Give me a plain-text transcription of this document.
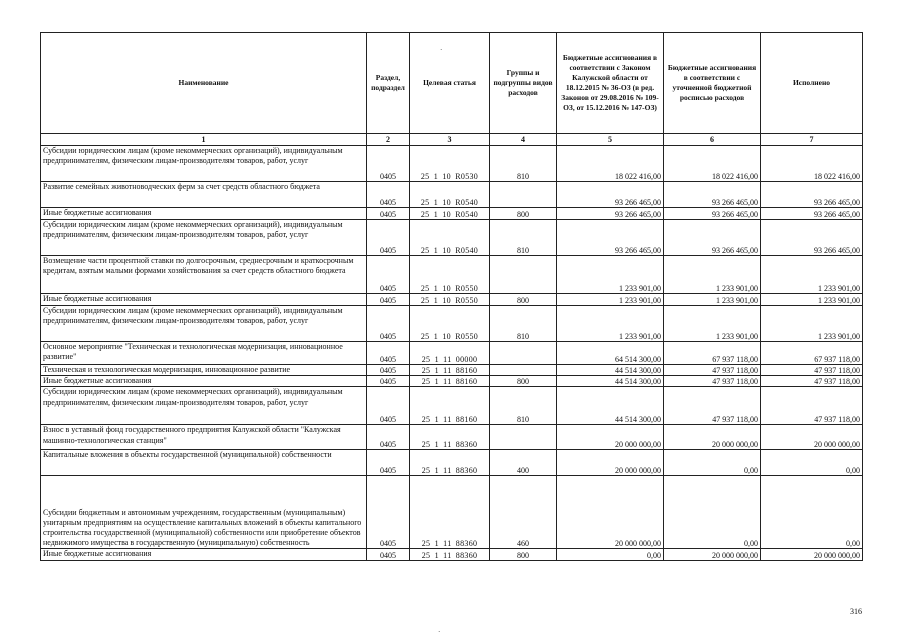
Наименование	Раздел, подраздел	Целевая статья	Группы и подгруппы видов расходов	Бюджетные ассигнования в соответствии с Законом Калужской области от 18.12.2015 № 36-ОЗ (в ред. Законов от 29.08.2016 № 109-ОЗ, от 15.12.2016 № 147-ОЗ)	Бюджетные ассигнования в соответствии с уточненной бюджетной росписью расходов	Исполнено
1	2	3	4	5	6	7
Субсидии юридическим лицам (кроме некоммерческих организаций), индивидуальным предпринимателям, физическим лицам-производителям товаров, работ, услуг	0405	25 1 10 R0530	810	18 022 416,00	18 022 416,00	18 022 416,00
Развитие семейных животноводческих ферм за счет средств областного бюджета	0405	25 1 10 R0540		93 266 465,00	93 266 465,00	93 266 465,00
Иные бюджетные ассигнования	0405	25 1 10 R0540	800	93 266 465,00	93 266 465,00	93 266 465,00
Субсидии юридическим лицам (кроме некоммерческих организаций), индивидуальным предпринимателям, физическим лицам-производителям товаров, работ, услуг	0405	25 1 10 R0540	810	93 266 465,00	93 266 465,00	93 266 465,00
Возмещение части процентной ставки по долгосрочным, среднесрочным и краткосрочным кредитам, взятым малыми формами хозяйствования за счет средств областного бюджета	0405	25 1 10 R0550		1 233 901,00	1 233 901,00	1 233 901,00
Иные бюджетные ассигнования	0405	25 1 10 R0550	800	1 233 901,00	1 233 901,00	1 233 901,00
Субсидии юридическим лицам (кроме некоммерческих организаций), индивидуальным предпринимателям, физическим лицам-производителям товаров, работ, услуг	0405	25 1 10 R0550	810	1 233 901,00	1 233 901,00	1 233 901,00
Основное мероприятие "Техническая и технологическая модернизация, инновационное развитие"	0405	25 1 11 00000		64 514 300,00	67 937 118,00	67 937 118,00
Техническая и технологическая модернизация, инновационное развитие	0405	25 1 11 88160		44 514 300,00	47 937 118,00	47 937 118,00
Иные бюджетные ассигнования	0405	25 1 11 88160	800	44 514 300,00	47 937 118,00	47 937 118,00
Субсидии юридическим лицам (кроме некоммерческих организаций), индивидуальным предпринимателям, физическим лицам-производителям товаров, работ, услуг	0405	25 1 11 88160	810	44 514 300,00	47 937 118,00	47 937 118,00
Взнос в уставный фонд государственного предприятия Калужской области "Калужская машинно-технологическая станция"	0405	25 1 11 88360		20 000 000,00	20 000 000,00	20 000 000,00
Капитальные вложения в объекты государственной (муниципальной) собственности	0405	25 1 11 88360	400	20 000 000,00	0,00	0,00
Субсидии бюджетным и автономным учреждениям, государственным (муниципальным) унитарным предприятиям на осуществление капитальных вложений в объекты капитального строительства государственной (муниципальной) собственности или приобретение объектов недвижимого имущества в государственную (муниципальную) собственность	0405	25 1 11 88360	460	20 000 000,00	0,00	0,00
Иные бюджетные ассигнования	0405	25 1 11 88360	800	0,00	20 000 000,00	20 000 000,00
316
·
·
